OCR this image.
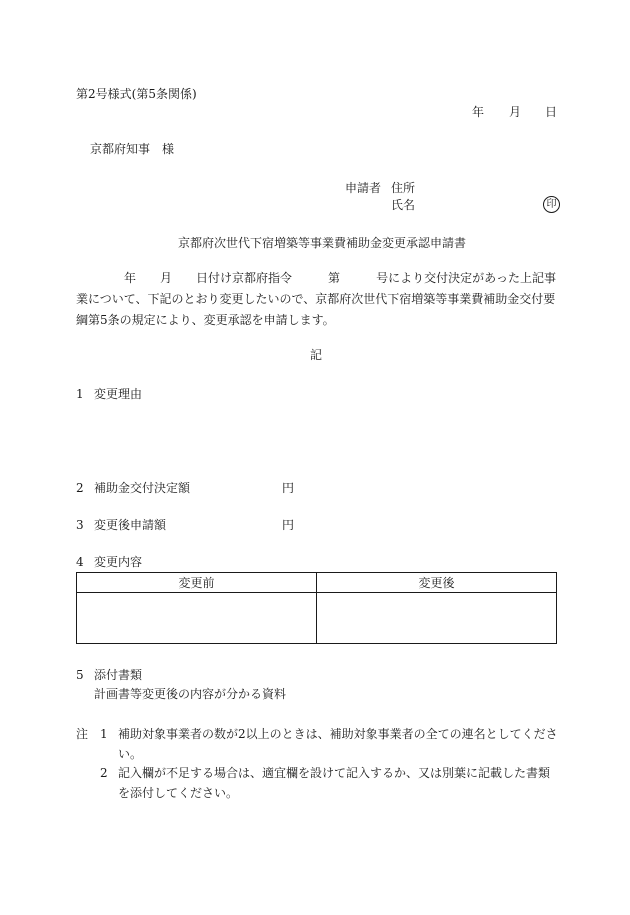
第2号様式(第5条関係)
年 月 日
京都府知事　様
申請者 住所
氏名	印
京都府次世代下宿増築等事業費補助金変更承認申請書
年 月 日付け京都府指令	第	号により交付決定があった上記事
業について、下記のとおり変更したいので、京都府次世代下宿増築等事業費補助金交付要綱第5条の規定により、変更承認を申請します。
記
1 変更理由
2 補助金交付決定額	円
3 変更後申請額	円
4 変更内容
変更前	変更後

5 添付書類
計画書等変更後の内容が分かる資料
注 1 補助対象事業者の数が2以上のときは、補助対象事業者の全ての連名としてください。
2 記入欄が不足する場合は、適宜欄を設けて記入するか、又は別葉に記載した書類を添付してください。
